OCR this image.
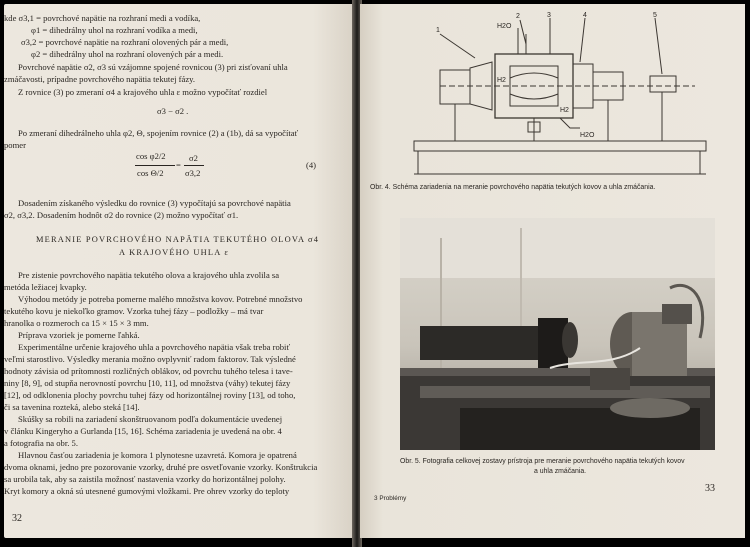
kde σ3,1 = povrchové napätie na rozhraní medi a vodíka,
φ1 = dihedrálny uhol na rozhraní vodíka a medi,
σ3,2 = povrchové napätie na rozhraní olovených pár a medi,
φ2 = dihedrálny uhol na rozhraní olovených pár a medi.
Povrchové napätie σ2, σ3 sú vzájomne spojené rovnicou (3) pri zisťovaní uhla
zmáčavosti, prípadne povrchového napätia tekutej fázy.
Z rovnice (3) po zmeraní σ4 a krajového uhla ε možno vypočítať rozdiel
σ3 − σ2 .
Po zmeraní dihedrálneho uhla φ2, Θ, spojením rovnice (2) a (1b), dá sa vypočítať
pomer
cos φ2/2
cos Θ/2
=
σ2
σ3,2
(4)
Dosadením získaného výsledku do rovnice (3) vypočítajú sa povrchové napätia
σ2, σ3,2. Dosadením hodnôt σ2 do rovnice (2) možno vypočítať σ1.
MERANIE POVRCHOVÉHO NAPÄTIA TEKUTÉHO OLOVA σ4
A KRAJOVÉHO UHLA ε
Pre zistenie povrchového napätia tekutého olova a krajového uhla zvolila sa
metóda ležiacej kvapky.
Výhodou metódy je potreba pomerne malého množstva kovov. Potrebné množstvo
tekutého kovu je niekoľko gramov. Vzorka tuhej fázy – podložky – má tvar
hranolka o rozmeroch ca 15 × 15 × 3 mm.
Príprava vzoriek je pomerne ľahká.
Experimentálne určenie krajového uhla a povrchového napätia však treba robiť
veľmi starostlivo. Výsledky merania možno ovplyvniť radom faktorov. Tak výsledné
hodnoty závisia od prítomnosti rozličných oblákov, od povrchu tuhého telesa i tave-
niny [8, 9], od stupňa nerovností povrchu [10, 11], od množstva (váhy) tekutej fázy
[12], od odklonenia plochy povrchu tuhej fázy od horizontálnej roviny [13], od toho,
či sa tavenina rozteká, alebo steká [14].
Skúšky sa robili na zariadení skonštruovanom podľa dokumentácie uvedenej
v článku Kingeryho a Gurlanda [15, 16]. Schéma zariadenia je uvedená na obr. 4
a fotografia na obr. 5.
Hlavnou časťou zariadenia je komora 1 plynotesne uzavretá. Komora je opatrená
dvoma oknami, jedno pre pozorovanie vzorky, druhé pre osvetľovanie vzorky. Konštrukcia
sa urobila tak, aby sa zaistila možnosť nastavenia vzorky do horizontálnej polohy.
Kryt komory a okná sú utesnené gumovými vložkami. Pre ohrev vzorky do teploty
32
1
2	3	4	5
H2O
H2
H2
H2O
Obr. 4. Schéma zariadenia na meranie povrchového napätia tekutých kovov a uhla zmáčania.
Obr. 5. Fotografia celkovej zostavy prístroja pre meranie povrchového napätia tekutých kovov
a uhla zmáčania.
3 Problémy
33
